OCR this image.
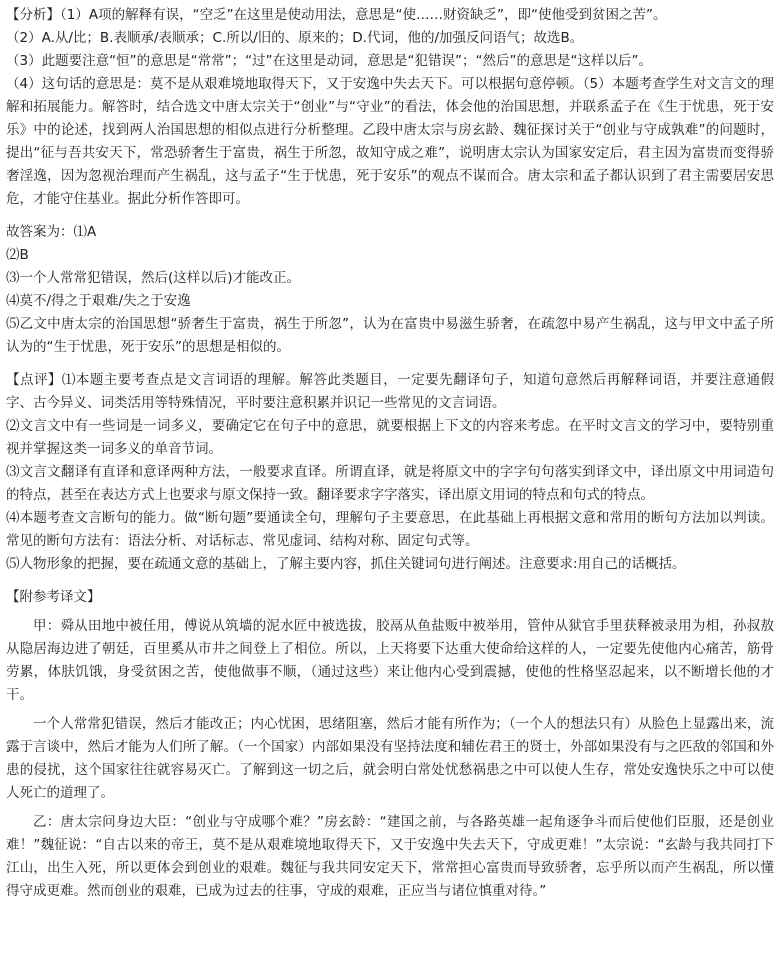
【分析】（1）A项的解释有误，“空乏”在这里是使动用法，意思是“使……财资缺乏”，即“使他受到贫困之苦”。

（2）A.从/比；B.表顺承/表顺承；C.所以/旧的、原来的；D.代词，他的/加强反问语气；故选B。

（3）此题要注意“恒”的意思是“常常”；“过”在这里是动词，意思是“犯错误”；“然后”的意思是“这样以后”。

（4）这句话的意思是：莫不是从艰难境地取得天下，又于安逸中失去天下。可以根据句意停顿。（5）本题考查学生对文言文的理解和拓展能力。解答时，结合选文中唐太宗关于“创业”与“守业”的看法，体会他的治国思想，并联系孟子在《生于忧患，死于安乐》中的论述，找到两人治国思想的相似点进行分析整理。乙段中唐太宗与房玄龄、魏征探讨关于“创业与守成孰难”的问题时，提出“征与吾共安天下，常恐骄奢生于富贵，祸生于所忽，故知守成之难”，说明唐太宗认为国家安定后，君主因为富贵而变得骄奢淫逸，因为忽视治理而产生祸乱，这与孟子“生于忧患，死于安乐”的观点不谋而合。唐太宗和孟子都认识到了君主需要居安思危，才能守住基业。据此分析作答即可。

故答案为：⑴A

⑵B

⑶一个人常常犯错误，然后(这样以后)才能改正。

⑷莫不/得之于艰难/失之于安逸

⑸乙文中唐太宗的治国思想“骄奢生于富贵，祸生于所忽”，认为在富贵中易滋生骄奢，在疏忽中易产生祸乱，这与甲文中孟子所认为的“生于忧患，死于安乐”的思想是相似的。

【点评】⑴本题主要考查点是文言词语的理解。解答此类题目，一定要先翻译句子，知道句意然后再解释词语，并要注意通假字、古今异义、词类活用等特殊情况，平时要注意积累并识记一些常见的文言词语。

⑵文言文中有一些词是一词多义，要确定它在句子中的意思，就要根据上下文的内容来考虑。在平时文言文的学习中，要特别重视并掌握这类一词多义的单音节词。

⑶文言文翻译有直译和意译两种方法，一般要求直译。所谓直译，就是将原文中的字字句句落实到译文中，译出原文中用词造句的特点，甚至在表达方式上也要求与原文保持一致。翻译要求字字落实，译出原文用词的特点和句式的特点。

⑷本题考查文言断句的能力。做“断句题”要通读全句，理解句子主要意思，在此基础上再根据文意和常用的断句方法加以判读。常见的断句方法有：语法分析、对话标志、常见虚词、结构对称、固定句式等。

⑸人物形象的把握，要在疏通文意的基础上，了解主要内容，抓住关键词句进行阐述。注意要求:用自己的话概括。

【附参考译文】

甲：舜从田地中被任用，傅说从筑墙的泥水匠中被选拔，胶鬲从鱼盐贩中被举用，管仲从狱官手里获释被录用为相，孙叔敖从隐居海边进了朝廷，百里奚从市井之间登上了相位。所以，上天将要下达重大使命给这样的人，一定要先使他内心痛苦，筋骨劳累，体肤饥饿，身受贫困之苦，使他做事不顺，（通过这些）来让他内心受到震撼，使他的性格坚忍起来，以不断增长他的才干。

一个人常常犯错误，然后才能改正；内心忧困，思绪阻塞，然后才能有所作为；（一个人的想法只有）从脸色上显露出来，流露于言谈中，然后才能为人们所了解。（一个国家）内部如果没有坚持法度和辅佐君王的贤士，外部如果没有与之匹敌的邻国和外患的侵扰，这个国家往往就容易灭亡。了解到这一切之后，就会明白常处忧愁祸患之中可以使人生存，常处安逸快乐之中可以使人死亡的道理了。

乙：唐太宗问身边大臣：“创业与守成哪个难？”房玄龄：“建国之前，与各路英雄一起角逐争斗而后使他们臣服，还是创业难！”魏征说：“自古以来的帝王，莫不是从艰难境地取得天下，又于安逸中失去天下，守成更难！”太宗说：“玄龄与我共同打下江山，出生入死，所以更体会到创业的艰难。魏征与我共同安定天下，常常担心富贵而导致骄奢，忘乎所以而产生祸乱，所以懂得守成更难。然而创业的艰难，已成为过去的往事，守成的艰难，正应当与诸位慎重对待。”
